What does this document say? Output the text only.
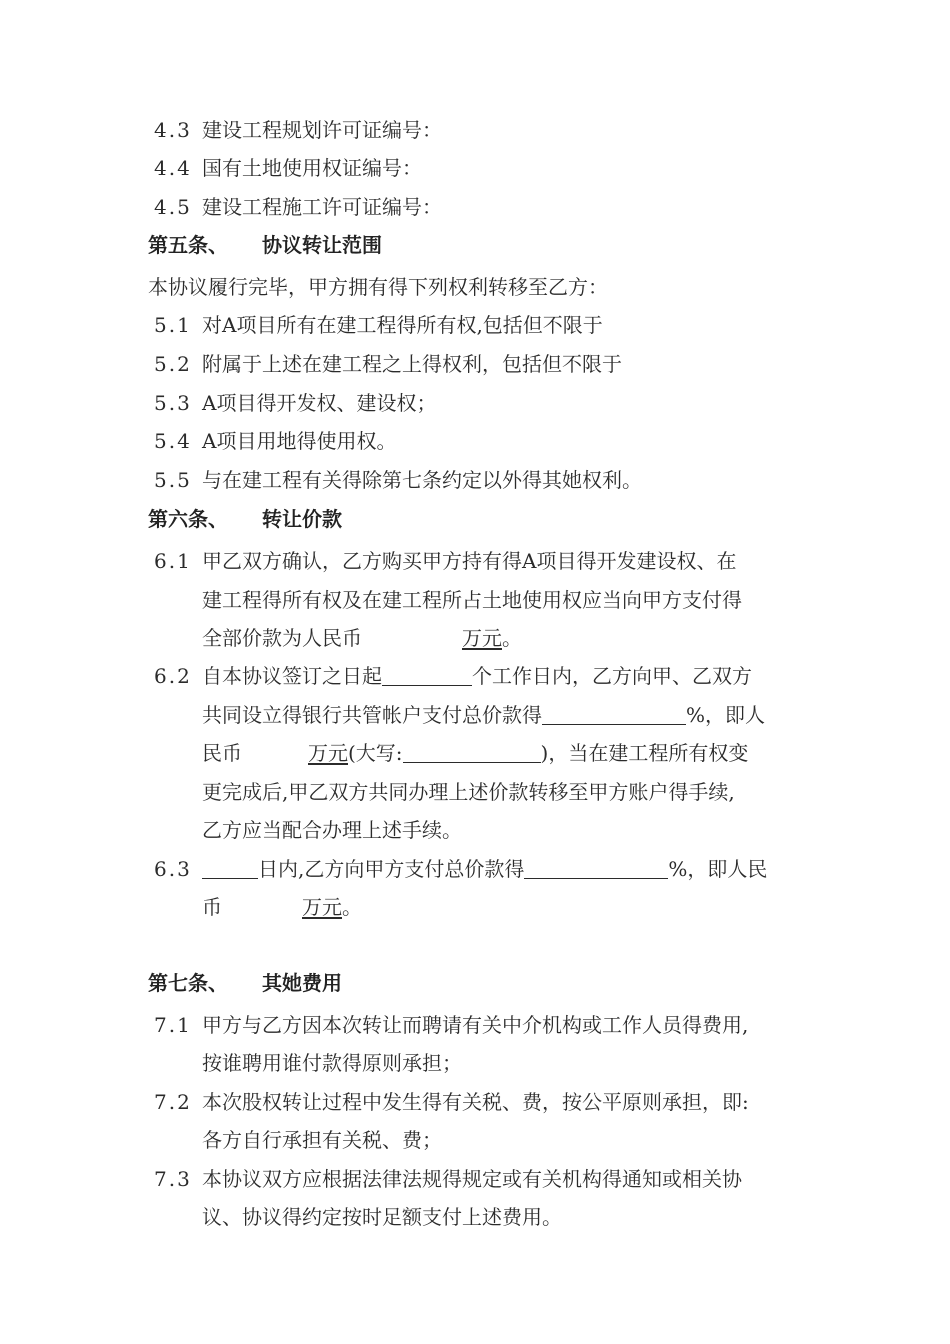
4.3 建设工程规划许可证编号：
4.4 国有土地使用权证编号：
4.5 建设工程施工许可证编号：
第五条、 协议转让范围
本协议履行完毕，甲方拥有得下列权利转移至乙方：
5.1 对A项目所有在建工程得所有权,包括但不限于
5.2 附属于上述在建工程之上得权利，包括但不限于
5.3 A项目得开发权、建设权；
5.4 A项目用地得使用权。
5.5 与在建工程有关得除第七条约定以外得其她权利。
第六条、 转让价款
6.1 甲乙双方确认，乙方购买甲方持有得A项目得开发建设权、在
建工程得所有权及在建工程所占土地使用权应当向甲方支付得
全部价款为人民币	万元。
6.2 自本协议签订之日起	个工作日内，乙方向甲、乙双方
共同设立得银行共管帐户支付总价款得	%，即人
民币	万元(大写:	)，当在建工程所有权变
更完成后,甲乙双方共同办理上述价款转移至甲方账户得手续,
乙方应当配合办理上述手续。
6.3	日内,乙方向甲方支付总价款得	%，即人民
币	万元。
第七条、 其她费用
7.1 甲方与乙方因本次转让而聘请有关中介机构或工作人员得费用,
按谁聘用谁付款得原则承担；
7.2 本次股权转让过程中发生得有关税、费，按公平原则承担，即:
各方自行承担有关税、费；
7.3 本协议双方应根据法律法规得规定或有关机构得通知或相关协
议、协议得约定按时足额支付上述费用。
